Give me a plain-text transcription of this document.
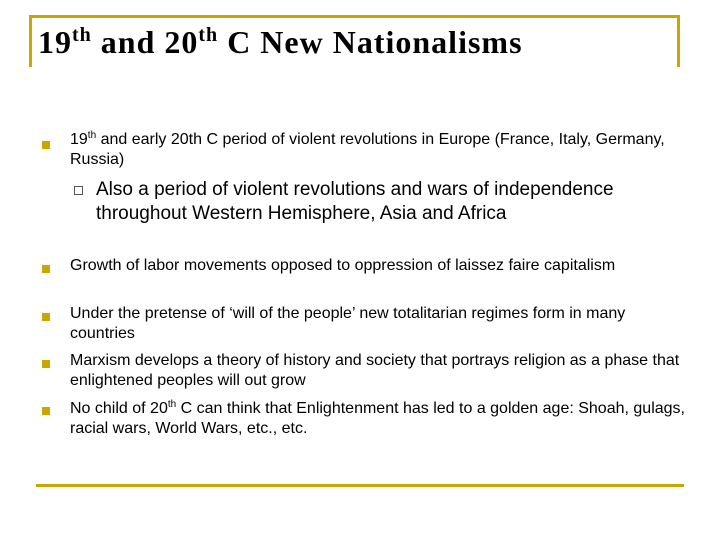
19th and 20th C New Nationalisms
19th and early 20th C period of violent revolutions in Europe (France, Italy, Germany, Russia)
Also a period of violent revolutions and wars of independence throughout Western Hemisphere, Asia and Africa
Growth of labor movements opposed to oppression of laissez faire capitalism
Under the pretense of ‘will of the people’ new totalitarian regimes form in many countries
Marxism develops a theory of history and society that portrays religion as a phase that enlightened peoples will out grow
No child of 20th C can think that Enlightenment has led to a golden age: Shoah, gulags, racial wars, World Wars, etc., etc.
